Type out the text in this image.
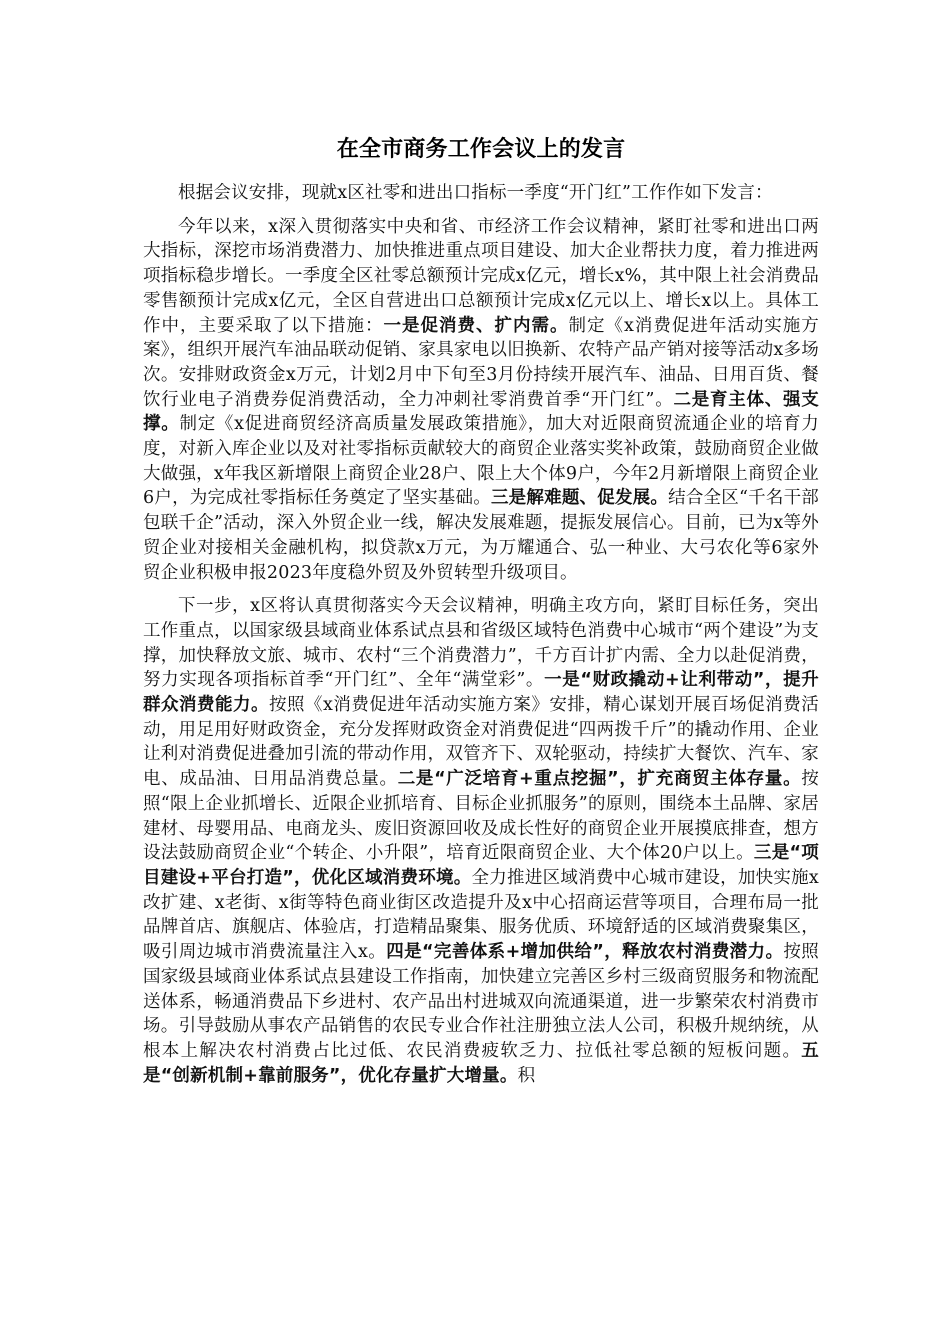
在全市商务工作会议上的发言

根据会议安排，现就x区社零和进出口指标一季度“开门红”工作作如下发言：

今年以来，x深入贯彻落实中央和省、市经济工作会议精神，紧盯社零和进出口两大指标，深挖市场消费潜力、加快推进重点项目建设、加大企业帮扶力度，着力推进两项指标稳步增长。一季度全区社零总额预计完成x亿元，增长x%，其中限上社会消费品零售额预计完成x亿元，全区自营进出口总额预计完成x亿元以上、增长x以上。具体工作中，主要采取了以下措施：一是促消费、扩内需。制定《x消费促进年活动实施方案》，组织开展汽车油品联动促销、家具家电以旧换新、农特产品产销对接等活动x多场次。安排财政资金x万元，计划2月中下旬至3月份持续开展汽车、油品、日用百货、餐饮行业电子消费券促消费活动，全力冲刺社零消费首季“开门红”。二是育主体、强支撑。制定《x促进商贸经济高质量发展政策措施》，加大对近限商贸流通企业的培育力度，对新入库企业以及对社零指标贡献较大的商贸企业落实奖补政策，鼓励商贸企业做大做强，x年我区新增限上商贸企业28户、限上大个体9户，今年2月新增限上商贸企业6户，为完成社零指标任务奠定了坚实基础。三是解难题、促发展。结合全区“千名干部包联千企”活动，深入外贸企业一线，解决发展难题，提振发展信心。目前，已为x等外贸企业对接相关金融机构，拟贷款x万元，为万耀通合、弘一种业、大弓农化等6家外贸企业积极申报2023年度稳外贸及外贸转型升级项目。

下一步，x区将认真贯彻落实今天会议精神，明确主攻方向，紧盯目标任务，突出工作重点，以国家级县域商业体系试点县和省级区域特色消费中心城市“两个建设”为支撑，加快释放文旅、城市、农村“三个消费潜力”，千方百计扩内需、全力以赴促消费，努力实现各项指标首季“开门红”、全年“满堂彩”。一是“财政撬动+让利带动”，提升群众消费能力。按照《x消费促进年活动实施方案》安排，精心谋划开展百场促消费活动，用足用好财政资金，充分发挥财政资金对消费促进“四两拨千斤”的撬动作用、企业让利对消费促进叠加引流的带动作用，双管齐下、双轮驱动，持续扩大餐饮、汽车、家电、成品油、日用品消费总量。二是“广泛培育+重点挖掘”，扩充商贸主体存量。按照“限上企业抓增长、近限企业抓培育、目标企业抓服务”的原则，围绕本土品牌、家居建材、母婴用品、电商龙头、废旧资源回收及成长性好的商贸企业开展摸底排查，想方设法鼓励商贸企业“个转企、小升限”，培育近限商贸企业、大个体20户以上。三是“项目建设+平台打造”，优化区域消费环境。全力推进区域消费中心城市建设，加快实施x改扩建、x老街、x街等特色商业街区改造提升及x中心招商运营等项目，合理布局一批品牌首店、旗舰店、体验店，打造精品聚集、服务优质、环境舒适的区域消费聚集区，吸引周边城市消费流量注入x。四是“完善体系+增加供给”，释放农村消费潜力。按照国家级县域商业体系试点县建设工作指南，加快建立完善区乡村三级商贸服务和物流配送体系，畅通消费品下乡进村、农产品出村进城双向流通渠道，进一步繁荣农村消费市场。引导鼓励从事农产品销售的农民专业合作社注册独立法人公司，积极升规纳统，从根本上解决农村消费占比过低、农民消费疲软乏力、拉低社零总额的短板问题。五是“创新机制+靠前服务”，优化存量扩大增量。积
